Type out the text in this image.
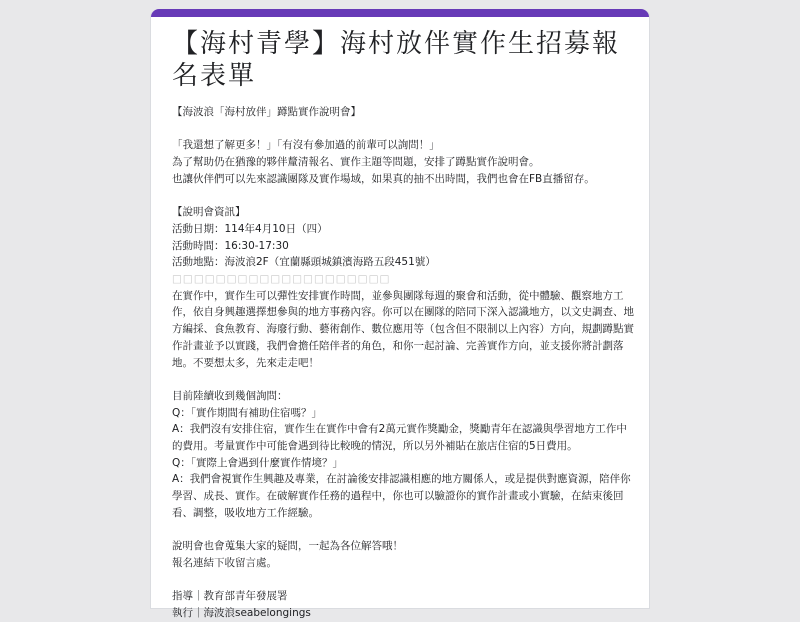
【海村青學】海村放伴實作生招募報名表單
【海波浪「海村放伴」蹲點實作說明會】
「我還想了解更多！」「有沒有參加過的前輩可以詢問！」
為了幫助仍在猶豫的夥伴釐清報名、實作主題等問題，安排了蹲點實作說明會。
也讓伙伴們可以先來認識團隊及實作場域，如果真的抽不出時間，我們也會在FB直播留存。
【說明會資訊】
活動日期：114年4月10日（四）
活動時間：16:30-17:30
活動地點：海波浪2F（宜蘭縣頭城鎮濱海路五段451號）
□□□□□□□□□□□□□□□□□□□□
在實作中，實作生可以彈性安排實作時間，並參與團隊每週的聚會和活動，從中體驗、觀察地方工作，依自身興趣選擇想參與的地方事務內容。你可以在團隊的陪同下深入認識地方，以文史調查、地方編採、食魚教育、海廢行動、藝術創作、數位應用等（包含但不限制以上內容）方向，規劃蹲點實作計畫並予以實踐，我們會擔任陪伴者的角色，和你一起討論、完善實作方向，並支援你將計劃落地。不要想太多，先來走走吧！
目前陸續收到幾個詢問：
Q：「實作期間有補助住宿嗎？」
A：我們沒有安排住宿，實作生在實作中會有2萬元實作獎勵金，獎勵青年在認識與學習地方工作中的費用。考量實作中可能會遇到待比較晚的情況，所以另外補貼在旅店住宿的5日費用。
Q：「實際上會遇到什麼實作情境？」
A：我們會視實作生興趣及專業，在討論後安排認識相應的地方關係人，或是提供對應資源，陪伴你學習、成長、實作。在破解實作任務的過程中，你也可以驗證你的實作計畫或小實驗，在結束後回看、調整，吸收地方工作經驗。
說明會也會蒐集大家的疑問，一起為各位解答哦！
報名連結下收留言處。
指導｜教育部青年發展署
執行｜海波浪seabelongings
